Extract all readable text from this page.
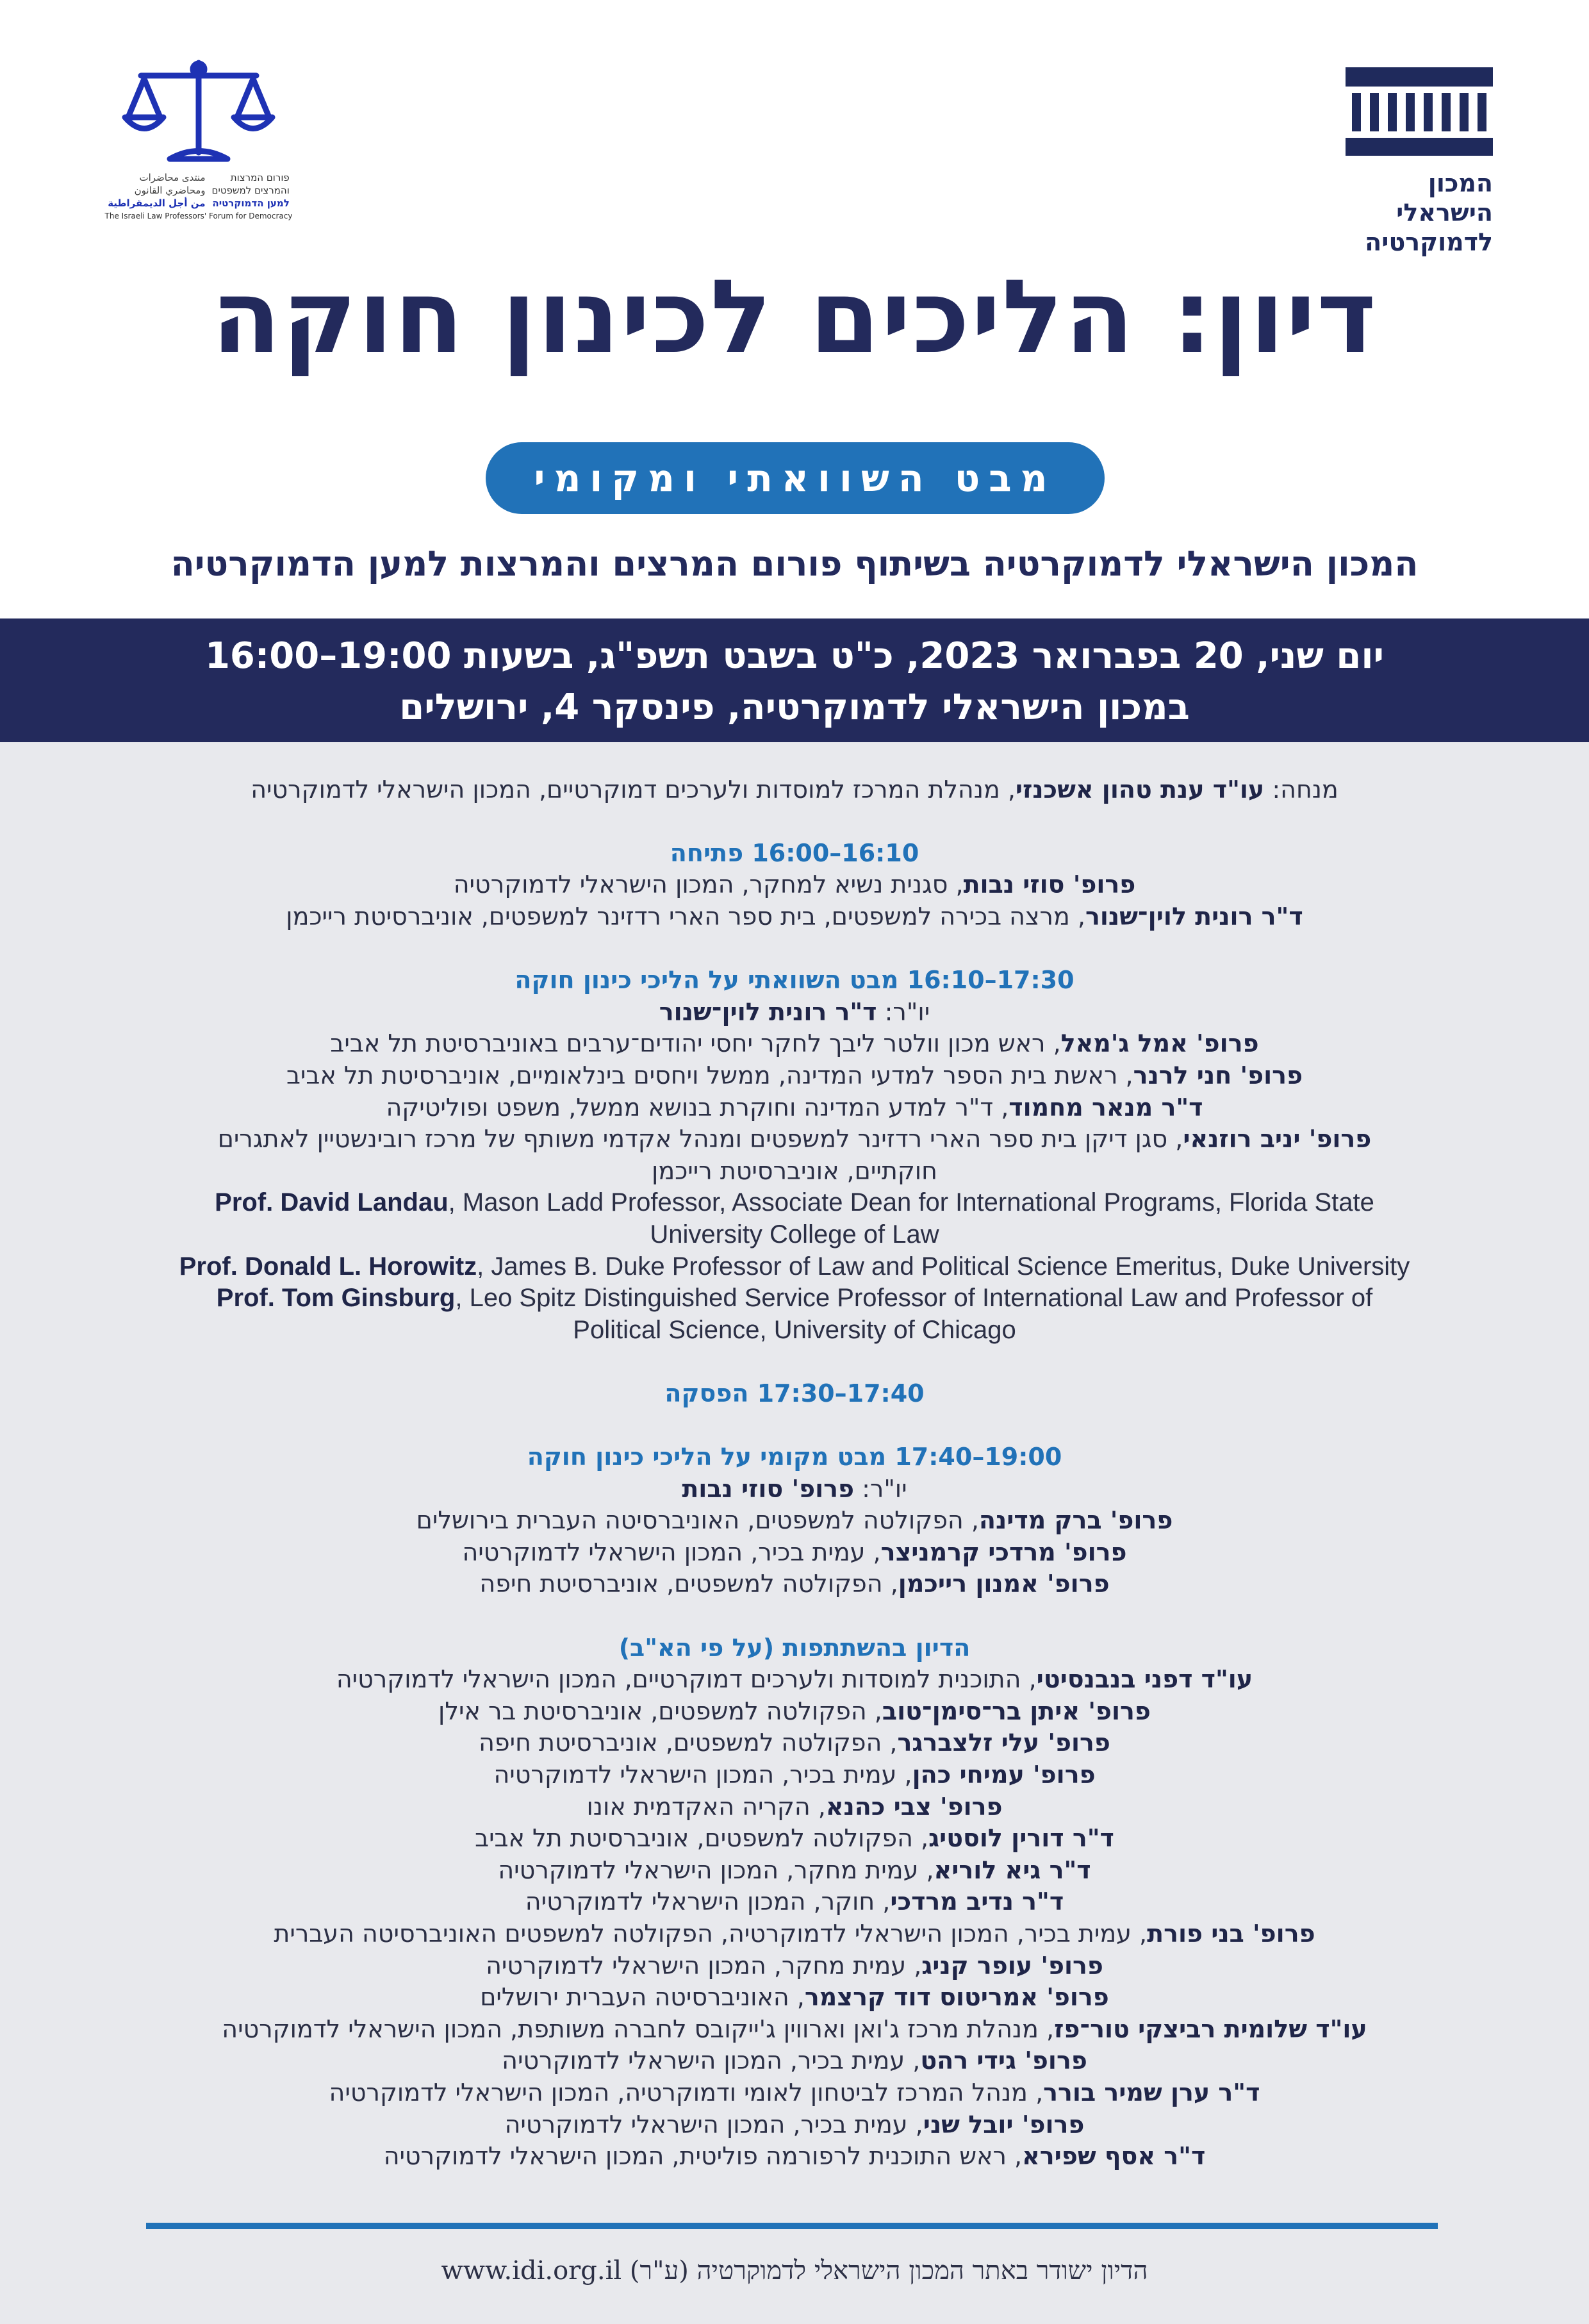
המכון הישראלי
לדמוקרטיה
פורום המרצות
והמרצים למשפטים
למען הדמוקרטיה
منتدى محاضرات
ومحاضري القانون
من أجل الديمقراطية
The Israeli Law Professors' Forum for Democracy
דיון: הליכים לכינון חוקה
מבט השוואתי ומקומי
המכון הישראלי לדמוקרטיה בשיתוף פורום המרצים והמרצות למען הדמוקרטיה
יום שני, 20 בפברואר 2023, כ"ט בשבט תשפ"ג, בשעות 19:00–16:00
במכון הישראלי לדמוקרטיה, פינסקר 4, ירושלים
מנחה: עו"ד ענת טהון אשכנזי, מנהלת המרכז למוסדות ולערכים דמוקרטיים, המכון הישראלי לדמוקרטיה
16:10–16:00 פתיחה
פרופ' סוזי נבות, סגנית נשיא למחקר, המכון הישראלי לדמוקרטיה
ד"ר רונית לוין־שנור, מרצה בכירה למשפטים, בית ספר הארי רדזינר למשפטים, אוניברסיטת רייכמן
17:30–16:10 מבט השוואתי על הליכי כינון חוקה
יו"ר: ד"ר רונית לוין־שנור
פרופ' אמל ג'מאל, ראש מכון וולטר ליבך לחקר יחסי יהודים־ערבים באוניברסיטת תל אביב
פרופ' חני לרנר, ראשת בית הספר למדעי המדינה, ממשל ויחסים בינלאומיים, אוניברסיטת תל אביב
ד"ר מנאר מחמוד, ד"ר למדע המדינה וחוקרת בנושא ממשל, משפט ופוליטיקה
פרופ' יניב רוזנאי, סגן דיקן בית ספר הארי רדזינר למשפטים ומנהל אקדמי משותף של מרכז רובינשטיין לאתגרים
חוקתיים, אוניברסיטת רייכמן
Prof. David Landau, Mason Ladd Professor, Associate Dean for International Programs, Florida State
University College of Law
Prof. Donald L. Horowitz, James B. Duke Professor of Law and Political Science Emeritus, Duke University
Prof. Tom Ginsburg, Leo Spitz Distinguished Service Professor of International Law and Professor of
Political Science, University of Chicago
17:40–17:30 הפסקה
19:00–17:40 מבט מקומי על הליכי כינון חוקה
יו"ר: פרופ' סוזי נבות
פרופ' ברק מדינה, הפקולטה למשפטים, האוניברסיטה העברית בירושלים
פרופ' מרדכי קרמניצר, עמית בכיר, המכון הישראלי לדמוקרטיה
פרופ' אמנון רייכמן, הפקולטה למשפטים, אוניברסיטת חיפה
הדיון בהשתתפות (על פי הא"ב)
עו"ד דפני בנבנסיטי, התוכנית למוסדות ולערכים דמוקרטיים, המכון הישראלי לדמוקרטיה
פרופ' איתן בר־סימן־טוב, הפקולטה למשפטים, אוניברסיטת בר אילן
פרופ' עלי זלצברגר, הפקולטה למשפטים, אוניברסיטת חיפה
פרופ' עמיחי כהן, עמית בכיר, המכון הישראלי לדמוקרטיה
פרופ' צבי כהנא, הקריה האקדמית אונו
ד"ר דורין לוסטיג, הפקולטה למשפטים, אוניברסיטת תל אביב
ד"ר גיא לוריא, עמית מחקר, המכון הישראלי לדמוקרטיה
ד"ר נדיב מרדכי, חוקר, המכון הישראלי לדמוקרטיה
פרופ' בני פורת, עמית בכיר, המכון הישראלי לדמוקרטיה, הפקולטה למשפטים האוניברסיטה העברית
פרופ' עופר קניג, עמית מחקר, המכון הישראלי לדמוקרטיה
פרופ' אמריטוס דוד קרצמר, האוניברסיטה העברית ירושלים
עו"ד שלומית רביצקי טור־פז, מנהלת מרכז ג'ואן וארווין ג'ייקובס לחברה משותפת, המכון הישראלי לדמוקרטיה
פרופ' גידי רהט, עמית בכיר, המכון הישראלי לדמוקרטיה
ד"ר ערן שמיר בורר, מנהל המרכז לביטחון לאומי ודמוקרטיה, המכון הישראלי לדמוקרטיה
פרופ' יובל שני, עמית בכיר, המכון הישראלי לדמוקרטיה
ד"ר אסף שפירא, ראש התוכנית לרפורמה פוליטית, המכון הישראלי לדמוקרטיה
הדיון ישודר באתר המכון הישראלי לדמוקרטיה (ע"ר) www.idi.org.il
